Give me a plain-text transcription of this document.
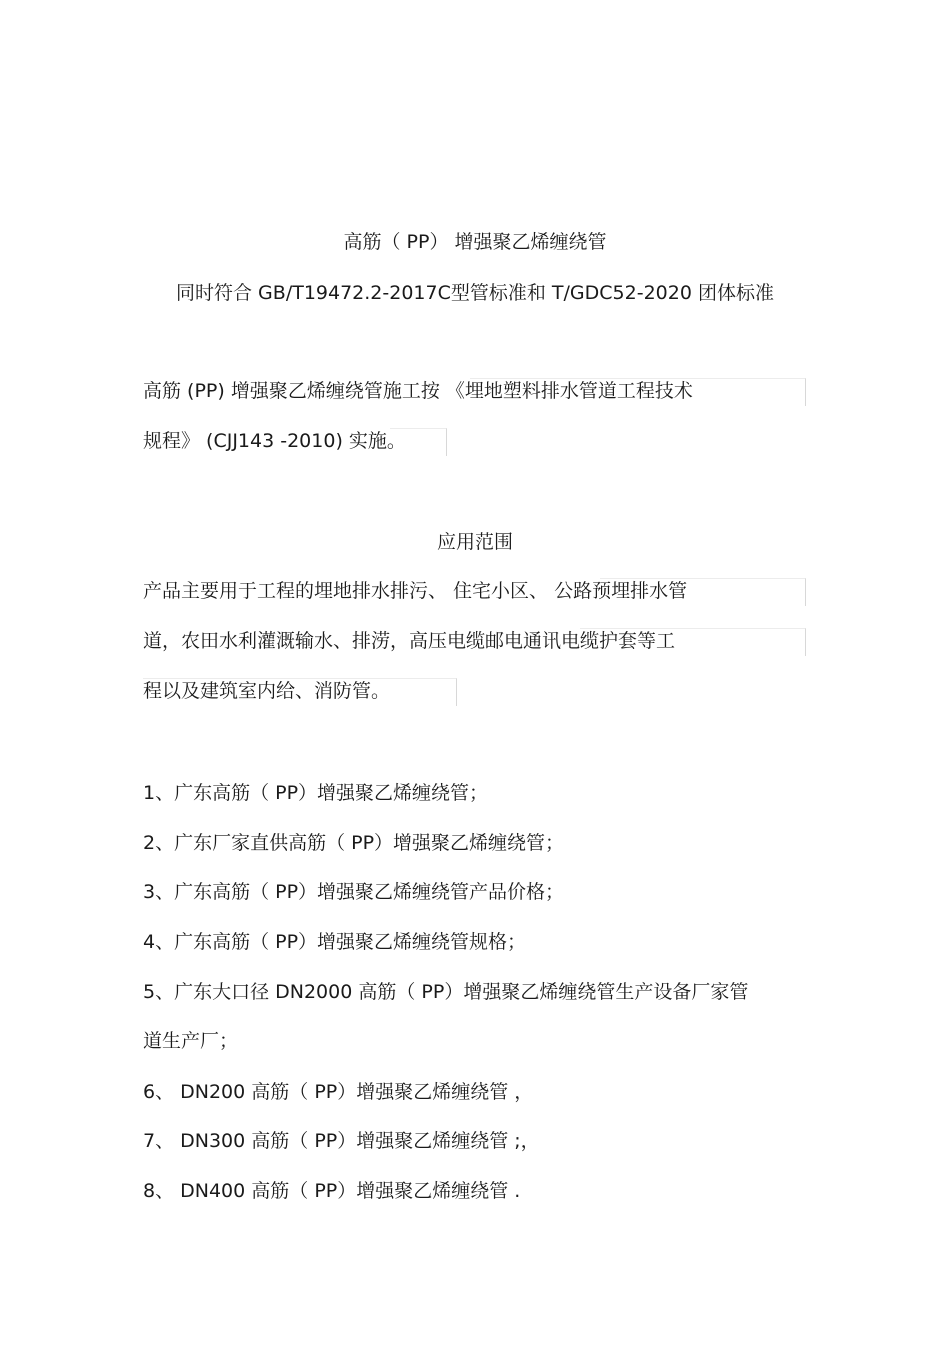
高筋（ PP） 增强聚乙烯缠绕管
同时符合 GB/T19472.2-2017C型管标准和 T/GDC52-2020 团体标准
高筋 (PP) 增强聚乙烯缠绕管施工按 《埋地塑料排水管道工程技术
规程》 (CJJ143 -2010) 实施。
应用范围
产品主要用于工程的埋地排水排污、 住宅小区、 公路预埋排水管
道，农田水利灌溉输水、排涝，高压电缆邮电通讯电缆护套等工
程以及建筑室内给、消防管。
1、广东高筋（ PP）增强聚乙烯缠绕管；
2、广东厂家直供高筋（ PP）增强聚乙烯缠绕管；
3、广东高筋（ PP）增强聚乙烯缠绕管产品价格；
4、广东高筋（ PP）增强聚乙烯缠绕管规格；
5、广东大口径 DN2000 高筋（ PP）增强聚乙烯缠绕管生产设备厂家管
道生产厂；
6、 DN200 高筋（ PP）增强聚乙烯缠绕管 ，
7、 DN300 高筋（ PP）增强聚乙烯缠绕管 ;，
8、 DN400 高筋（ PP）增强聚乙烯缠绕管 .
